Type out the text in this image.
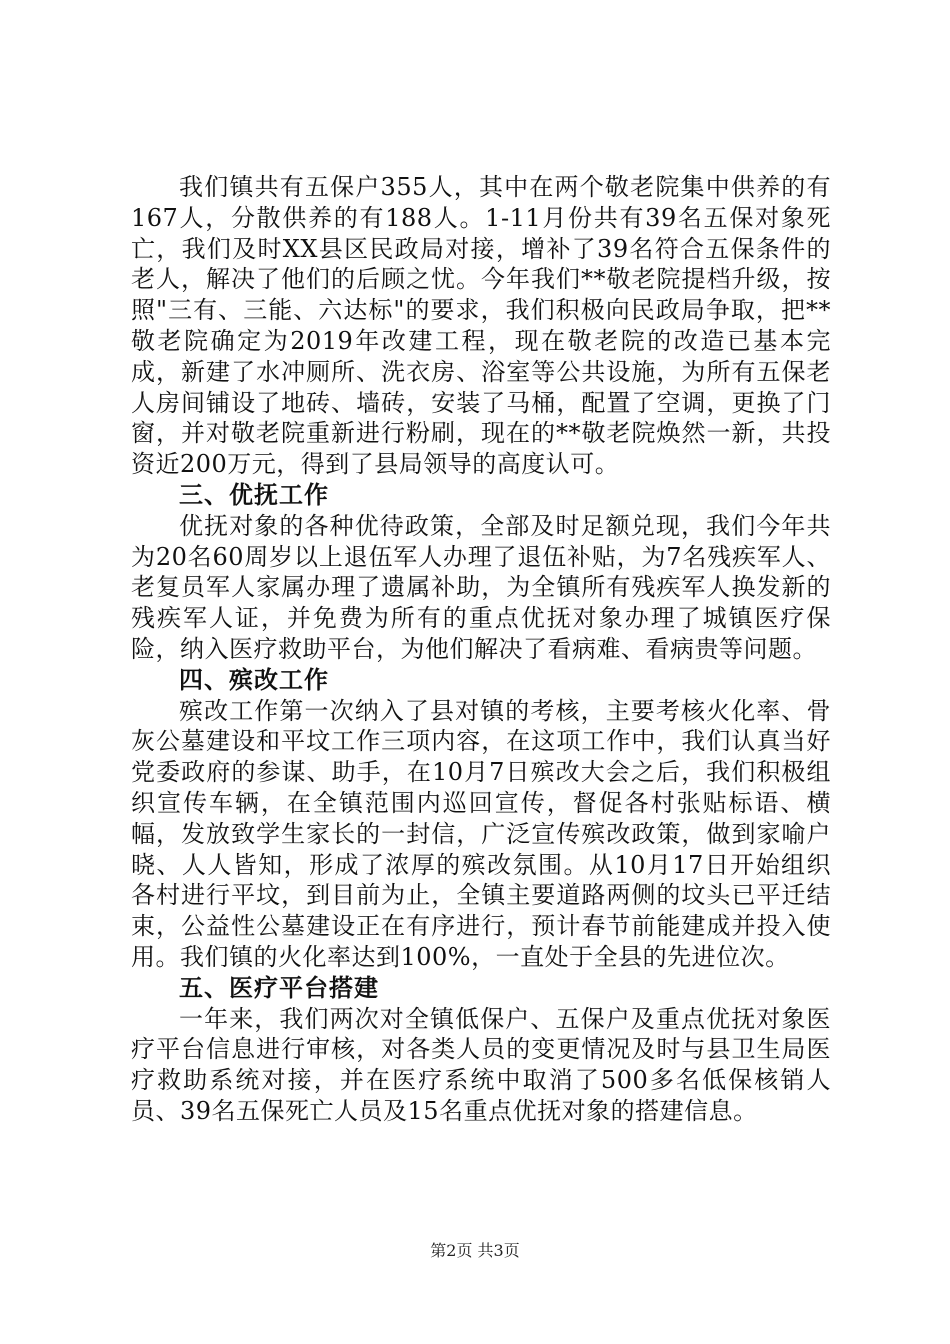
我们镇共有五保户355人，其中在两个敬老院集中供养的有167人，分散供养的有188人。1-11月份共有39名五保对象死亡，我们及时XX县区民政局对接，增补了39名符合五保条件的老人，解决了他们的后顾之忧。今年我们**敬老院提档升级，按照"三有、三能、六达标"的要求，我们积极向民政局争取，把**敬老院确定为2019年改建工程，现在敬老院的改造已基本完成，新建了水冲厕所、洗衣房、浴室等公共设施，为所有五保老人房间铺设了地砖、墙砖，安装了马桶，配置了空调，更换了门窗，并对敬老院重新进行粉刷，现在的**敬老院焕然一新，共投资近200万元，得到了县局领导的高度认可。

三、优抚工作

优抚对象的各种优待政策，全部及时足额兑现，我们今年共为20名60周岁以上退伍军人办理了退伍补贴，为7名残疾军人、老复员军人家属办理了遗属补助，为全镇所有残疾军人换发新的残疾军人证，并免费为所有的重点优抚对象办理了城镇医疗保险，纳入医疗救助平台，为他们解决了看病难、看病贵等问题。

四、殡改工作

殡改工作第一次纳入了县对镇的考核，主要考核火化率、骨灰公墓建设和平坟工作三项内容，在这项工作中，我们认真当好党委政府的参谋、助手，在10月7日殡改大会之后，我们积极组织宣传车辆，在全镇范围内巡回宣传，督促各村张贴标语、横幅，发放致学生家长的一封信，广泛宣传殡改政策，做到家喻户晓、人人皆知，形成了浓厚的殡改氛围。从10月17日开始组织各村进行平坟，到目前为止，全镇主要道路两侧的坟头已平迁结束，公益性公墓建设正在有序进行，预计春节前能建成并投入使用。我们镇的火化率达到100%，一直处于全县的先进位次。

五、医疗平台搭建

一年来，我们两次对全镇低保户、五保户及重点优抚对象医疗平台信息进行审核，对各类人员的变更情况及时与县卫生局医疗救助系统对接，并在医疗系统中取消了500多名低保核销人员、39名五保死亡人员及15名重点优抚对象的搭建信息。

第2页 共3页
